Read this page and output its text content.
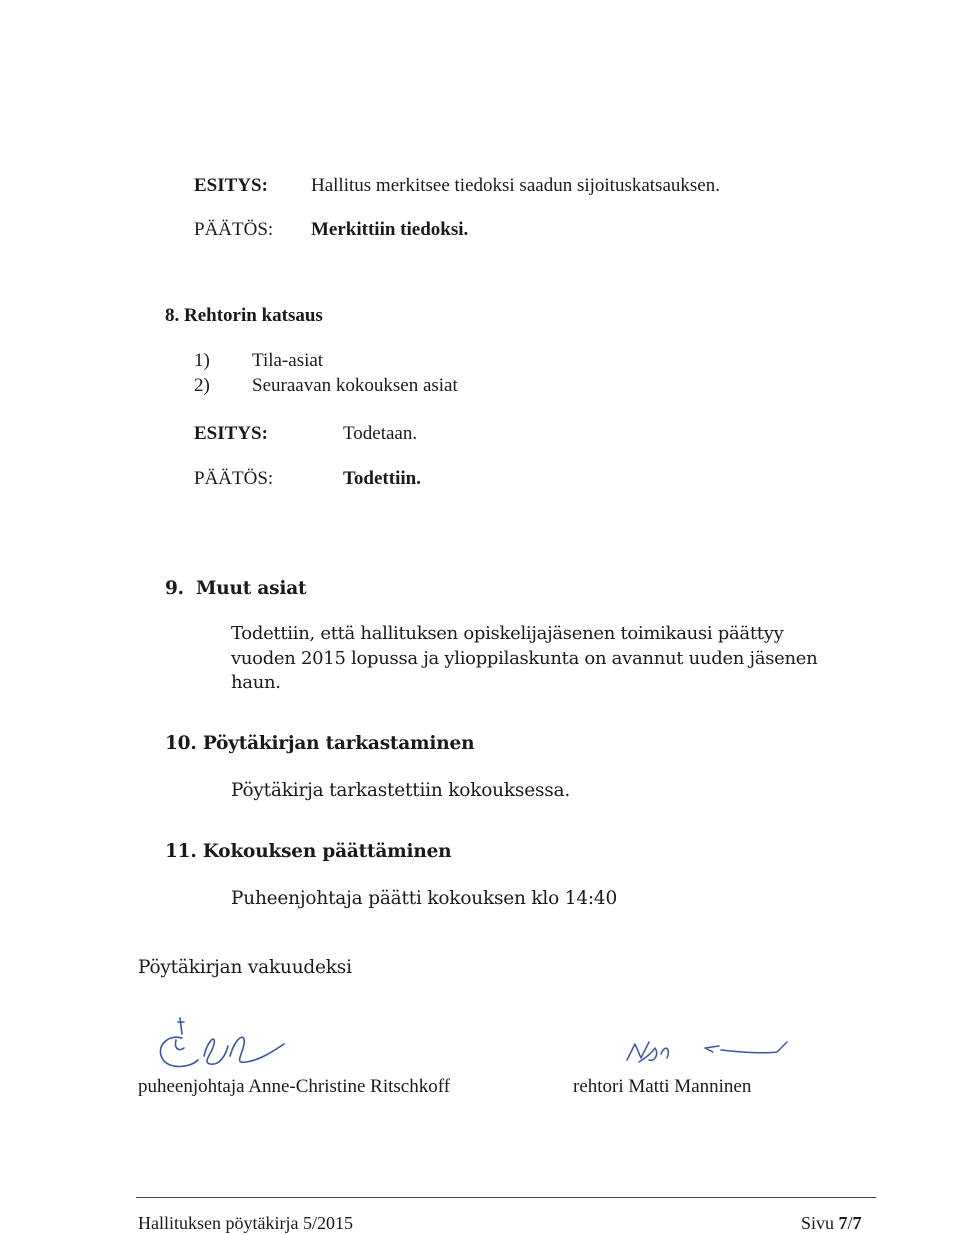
ESITYS: Hallitus merkitsee tiedoksi saadun sijoituskatsauksen.
PÄÄTÖS: Merkittiin tiedoksi.
8. Rehtorin katsaus
1) Tila-asiat
2) Seuraavan kokouksen asiat
ESITYS:	Todetaan.
PÄÄTÖS:	Todettiin.
9. Muut asiat
Todettiin, että hallituksen opiskelijajäsenen toimikausi päättyy
vuoden 2015 lopussa ja ylioppilaskunta on avannut uuden jäsenen
haun.
10. Pöytäkirjan tarkastaminen
Pöytäkirja tarkastettiin kokouksessa.
11. Kokouksen päättäminen
Puheenjohtaja päätti kokouksen klo 14:40
Pöytäkirjan vakuudeksi
puheenjohtaja Anne-Christine Ritschkoff	rehtori Matti Manninen
Hallituksen pöytäkirja 5/2015	Sivu 7/7
